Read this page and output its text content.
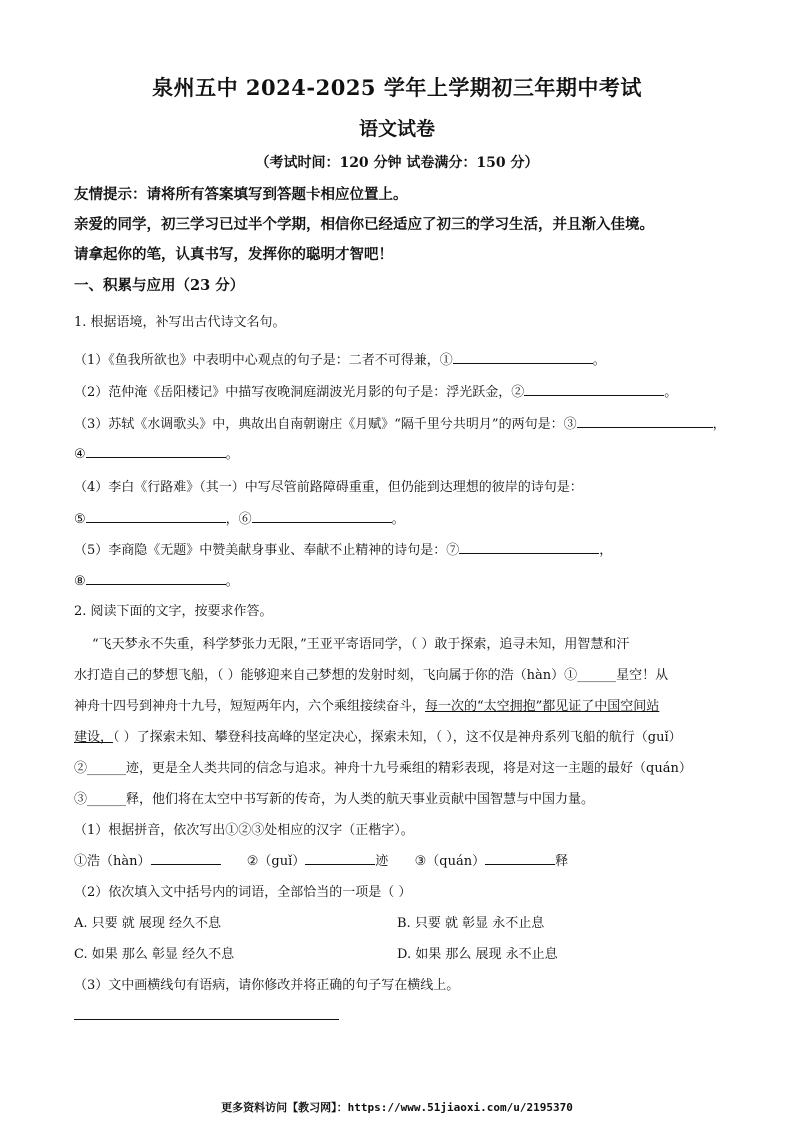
泉州五中 2024-2025 学年上学期初三年期中考试
语文试卷
（考试时间：120 分钟 试卷满分：150 分）
友情提示：请将所有答案填写到答题卡相应位置上。
亲爱的同学，初三学习已过半个学期，相信你已经适应了初三的学习生活，并且渐入佳境。
请拿起你的笔，认真书写，发挥你的聪明才智吧！
一、积累与应用（23 分）
1. 根据语境，补写出古代诗文名句。
（1）《鱼我所欲也》中表明中心观点的句子是：二者不可得兼，①	。
（2）范仲淹《岳阳楼记》中描写夜晚洞庭湖波光月影的句子是：浮光跃金，②	。
（3）苏轼《水调歌头》中，典故出自南朝谢庄《月赋》“隔千里兮共明月”的两句是：③	，
④	。
（4）李白《行路难》（其一）中写尽管前路障碍重重，但仍能到达理想的彼岸的诗句是：
⑤	，⑥	。
（5）李商隐《无题》中赞美献身事业、奉献不止精神的诗句是：⑦	，
⑧	。
2. 阅读下面的文字，按要求作答。
“飞天梦永不失重，科学梦张力无限，”王亚平寄语同学，（ ）敢于探索，追寻未知，用智慧和汗
水打造自己的梦想飞船，（ ）能够迎来自己梦想的发射时刻，飞向属于你的浩（hàn）①______星空！从
神舟十四号到神舟十九号，短短两年内，六个乘组接续奋斗，每一次的“太空拥抱”都见证了中国空间站
建设，（ ）了探索未知、攀登科技高峰的坚定决心，探索未知，（ ），这不仅是神舟系列飞船的航行（guǐ）
②______迹，更是全人类共同的信念与追求。神舟十九号乘组的精彩表现，将是对这一主题的最好（quán）
③______释，他们将在太空中书写新的传奇，为人类的航天事业贡献中国智慧与中国力量。
（1）根据拼音，依次写出①②③处相应的汉字（正楷字）。
①浩（hàn）	②（guǐ）	迹 ③（quán）	释
（2）依次填入文中括号内的词语，全部恰当的一项是（ ）
A. 只要 就 展现 经久不息	B. 只要 就 彰显 永不止息
C. 如果 那么 彰显 经久不息	D. 如果 那么 展现 永不止息
（3）文中画横线句有语病，请你修改并将正确的句子写在横线上。
更多资料访问【教习网】：https://www.51jiaoxi.com/u/2195370
